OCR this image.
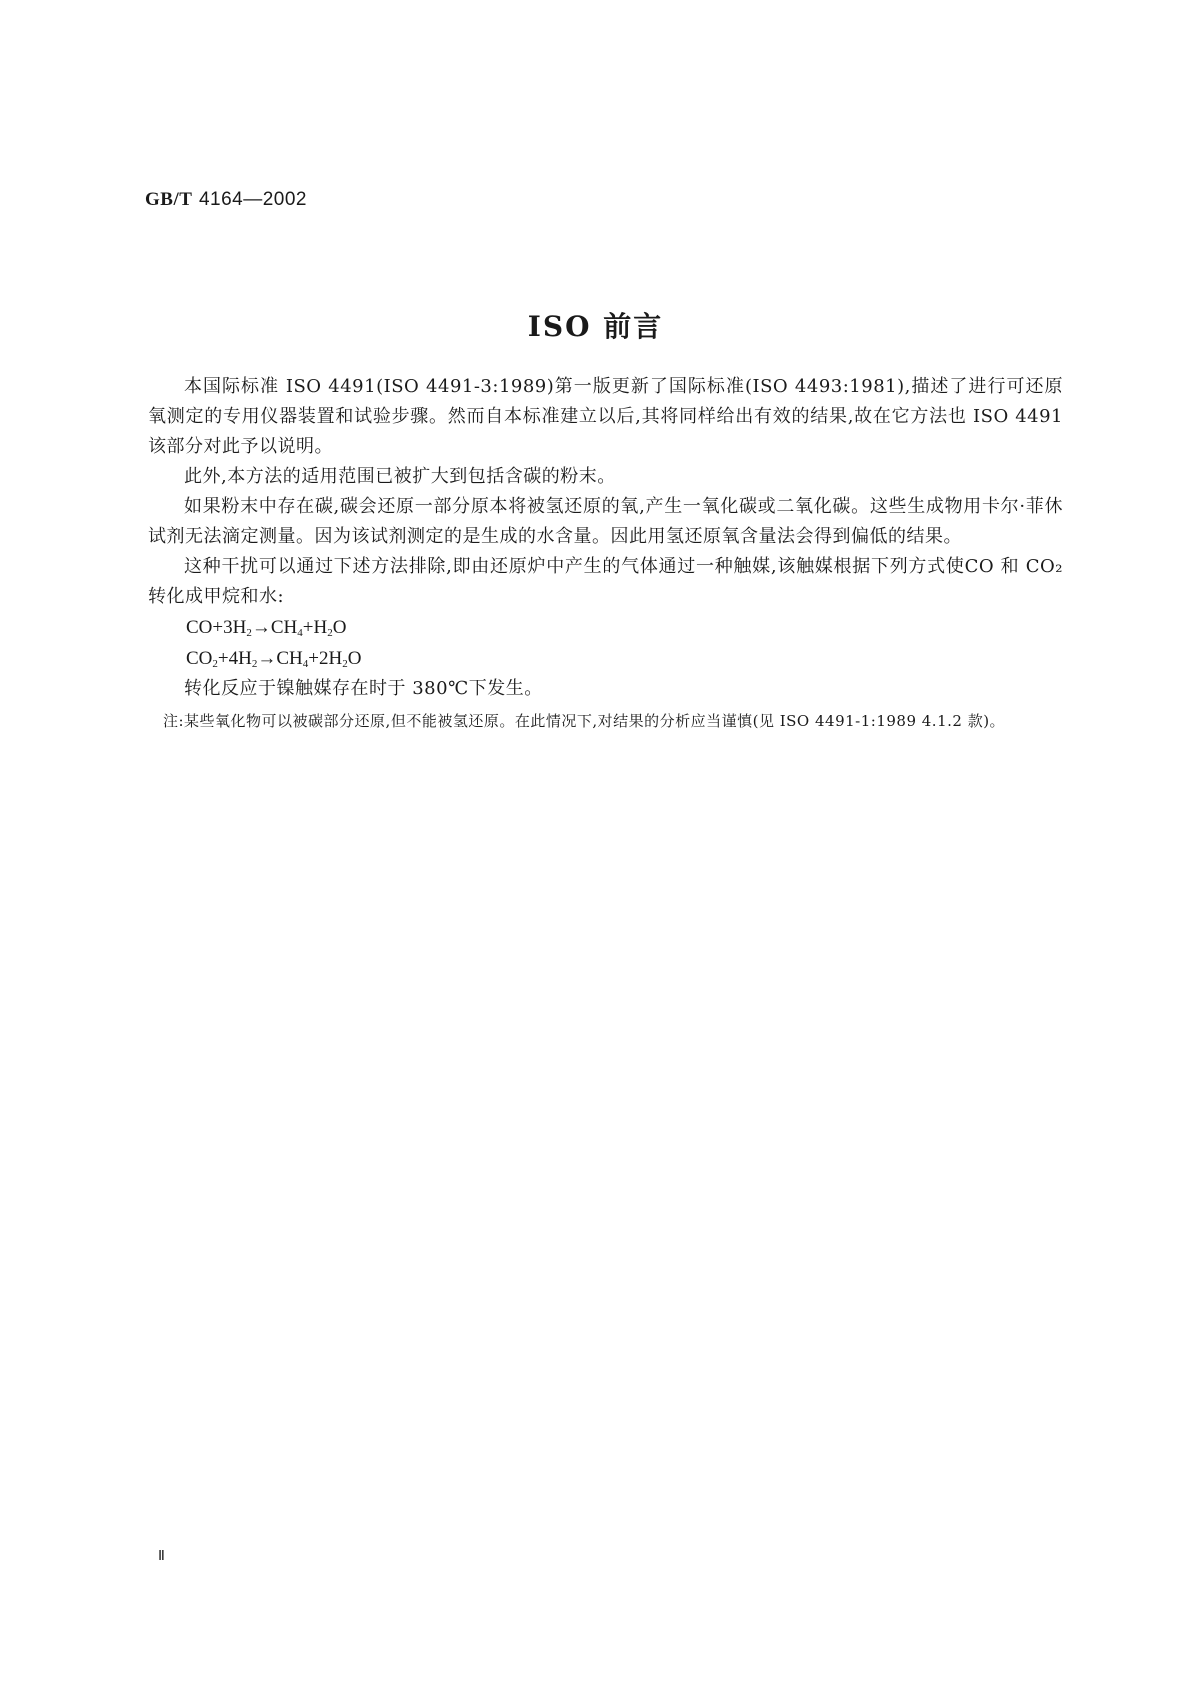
GB/T 4164—2002
ISO 前言

本国际标准 ISO 4491(ISO 4491-3:1989)第一版更新了国际标准(ISO 4493:1981),描述了进行可还原氧测定的专用仪器装置和试验步骤。然而自本标准建立以后,其将同样给出有效的结果,故在它方法也 ISO 4491 该部分对此予以说明。

此外,本方法的适用范围已被扩大到包括含碳的粉末。

如果粉末中存在碳,碳会还原一部分原本将被氢还原的氧,产生一氧化碳或二氧化碳。这些生成物用卡尔·菲休试剂无法滴定测量。因为该试剂测定的是生成的水含量。因此用氢还原氧含量法会得到偏低的结果。

这种干扰可以通过下述方法排除,即由还原炉中产生的气体通过一种触媒,该触媒根据下列方式使CO 和 CO₂ 转化成甲烷和水:

$CO+3H_2\to CH_4+H_2O$

$CO_2+4H_2\to CH_4+2H_2O$

转化反应于镍触媒存在时于 380℃下发生。

注:某些氧化物可以被碳部分还原,但不能被氢还原。在此情况下,对结果的分析应当谨慎(见 ISO 4491-1:1989 4.1.2 款)。

Ⅱ
